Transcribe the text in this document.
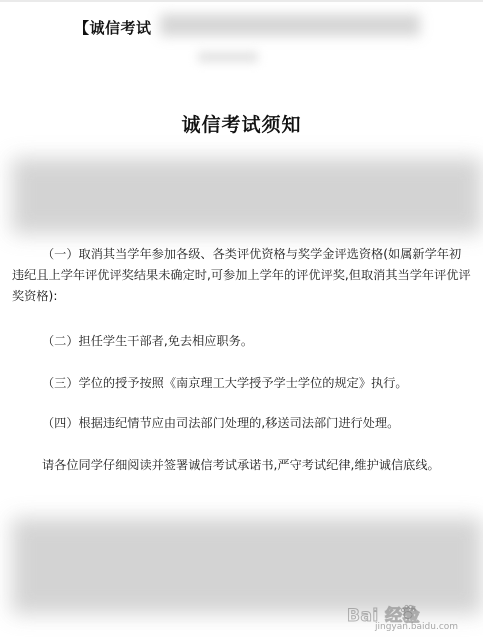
【诚信考试
诚信考试须知

（一）取消其当学年参加各级、各类评优资格与奖学金评选资格(如属新学年初违纪且上学年评优评奖结果未确定时,可参加上学年的评优评奖,但取消其当学年评优评奖资格):

（二）担任学生干部者,免去相应职务。

（三）学位的授予按照《南京理工大学授予学士学位的规定》执行。

（四）根据违纪情节应由司法部门处理的,移送司法部门进行处理。

请各位同学仔细阅读并签署诚信考试承诺书,严守考试纪律,维护诚信底线。

Bai 经验
jingyan.baidu.com
